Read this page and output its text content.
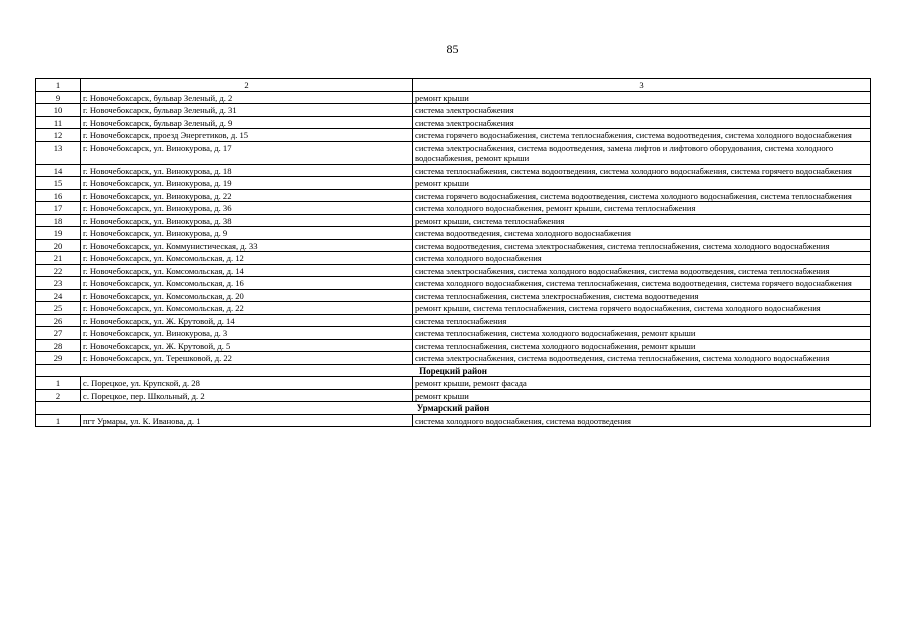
85
1	2	3
9	г. Новочебоксарск, бульвар Зеленый, д. 2	ремонт крыши
10	г. Новочебоксарск, бульвар Зеленый, д. 31	система электроснабжения
11	г. Новочебоксарск, бульвар Зеленый, д. 9	система электроснабжения
12	г. Новочебоксарск, проезд Энергетиков, д. 15	система горячего водоснабжения, система теплоснабжения, система водоотведения, система холодного водоснабжения
13	г. Новочебоксарск, ул. Винокурова, д. 17	система электроснабжения, система водоотведения, замена лифтов и лифтового оборудования, система холодного водоснабжения, ремонт крыши
14	г. Новочебоксарск, ул. Винокурова, д. 18	система теплоснабжения, система водоотведения, система холодного водоснабжения, система горячего водоснабжения
15	г. Новочебоксарск, ул. Винокурова, д. 19	ремонт крыши
16	г. Новочебоксарск, ул. Винокурова, д. 22	система горячего водоснабжения, система водоотведения, система холодного водоснабжения, система теплоснабжения
17	г. Новочебоксарск, ул. Винокурова, д. 36	система холодного водоснабжения, ремонт крыши, система теплоснабжения
18	г. Новочебоксарск, ул. Винокурова, д. 38	ремонт крыши, система теплоснабжения
19	г. Новочебоксарск, ул. Винокурова, д. 9	система водоотведения, система холодного водоснабжения
20	г. Новочебоксарск, ул. Коммунистическая, д. 33	система водоотведения, система электроснабжения, система теплоснабжения, система холодного водоснабжения
21	г. Новочебоксарск, ул. Комсомольская, д. 12	система холодного водоснабжения
22	г. Новочебоксарск, ул. Комсомольская, д. 14	система электроснабжения, система холодного водоснабжения, система водоотведения, система теплоснабжения
23	г. Новочебоксарск, ул. Комсомольская, д. 16	система холодного водоснабжения, система теплоснабжения, система водоотведения, система горячего водоснабжения
24	г. Новочебоксарск, ул. Комсомольская, д. 20	система теплоснабжения, система электроснабжения, система водоотведения
25	г. Новочебоксарск, ул. Комсомольская, д. 22	ремонт крыши, система теплоснабжения, система горячего водоснабжения, система холодного водоснабжения
26	г. Новочебоксарск, ул. Ж. Крутовой, д. 14	система теплоснабжения
27	г. Новочебоксарск, ул. Винокурова, д. 3	система теплоснабжения, система холодного водоснабжения, ремонт крыши
28	г. Новочебоксарск, ул. Ж. Крутовой, д. 5	система теплоснабжения, система холодного водоснабжения, ремонт крыши
29	г. Новочебоксарск, ул. Терешковой, д. 22	система электроснабжения, система водоотведения, система теплоснабжения, система холодного водоснабжения
Порецкий район		
1	с. Порецкое, ул. Крупской, д. 28	ремонт крыши, ремонт фасада
2	с. Порецкое, пер. Школьный, д. 2	ремонт крыши
Урмарский район		
1	пгт Урмары, ул. К. Иванова, д. 1	система холодного водоснабжения, система водоотведения
